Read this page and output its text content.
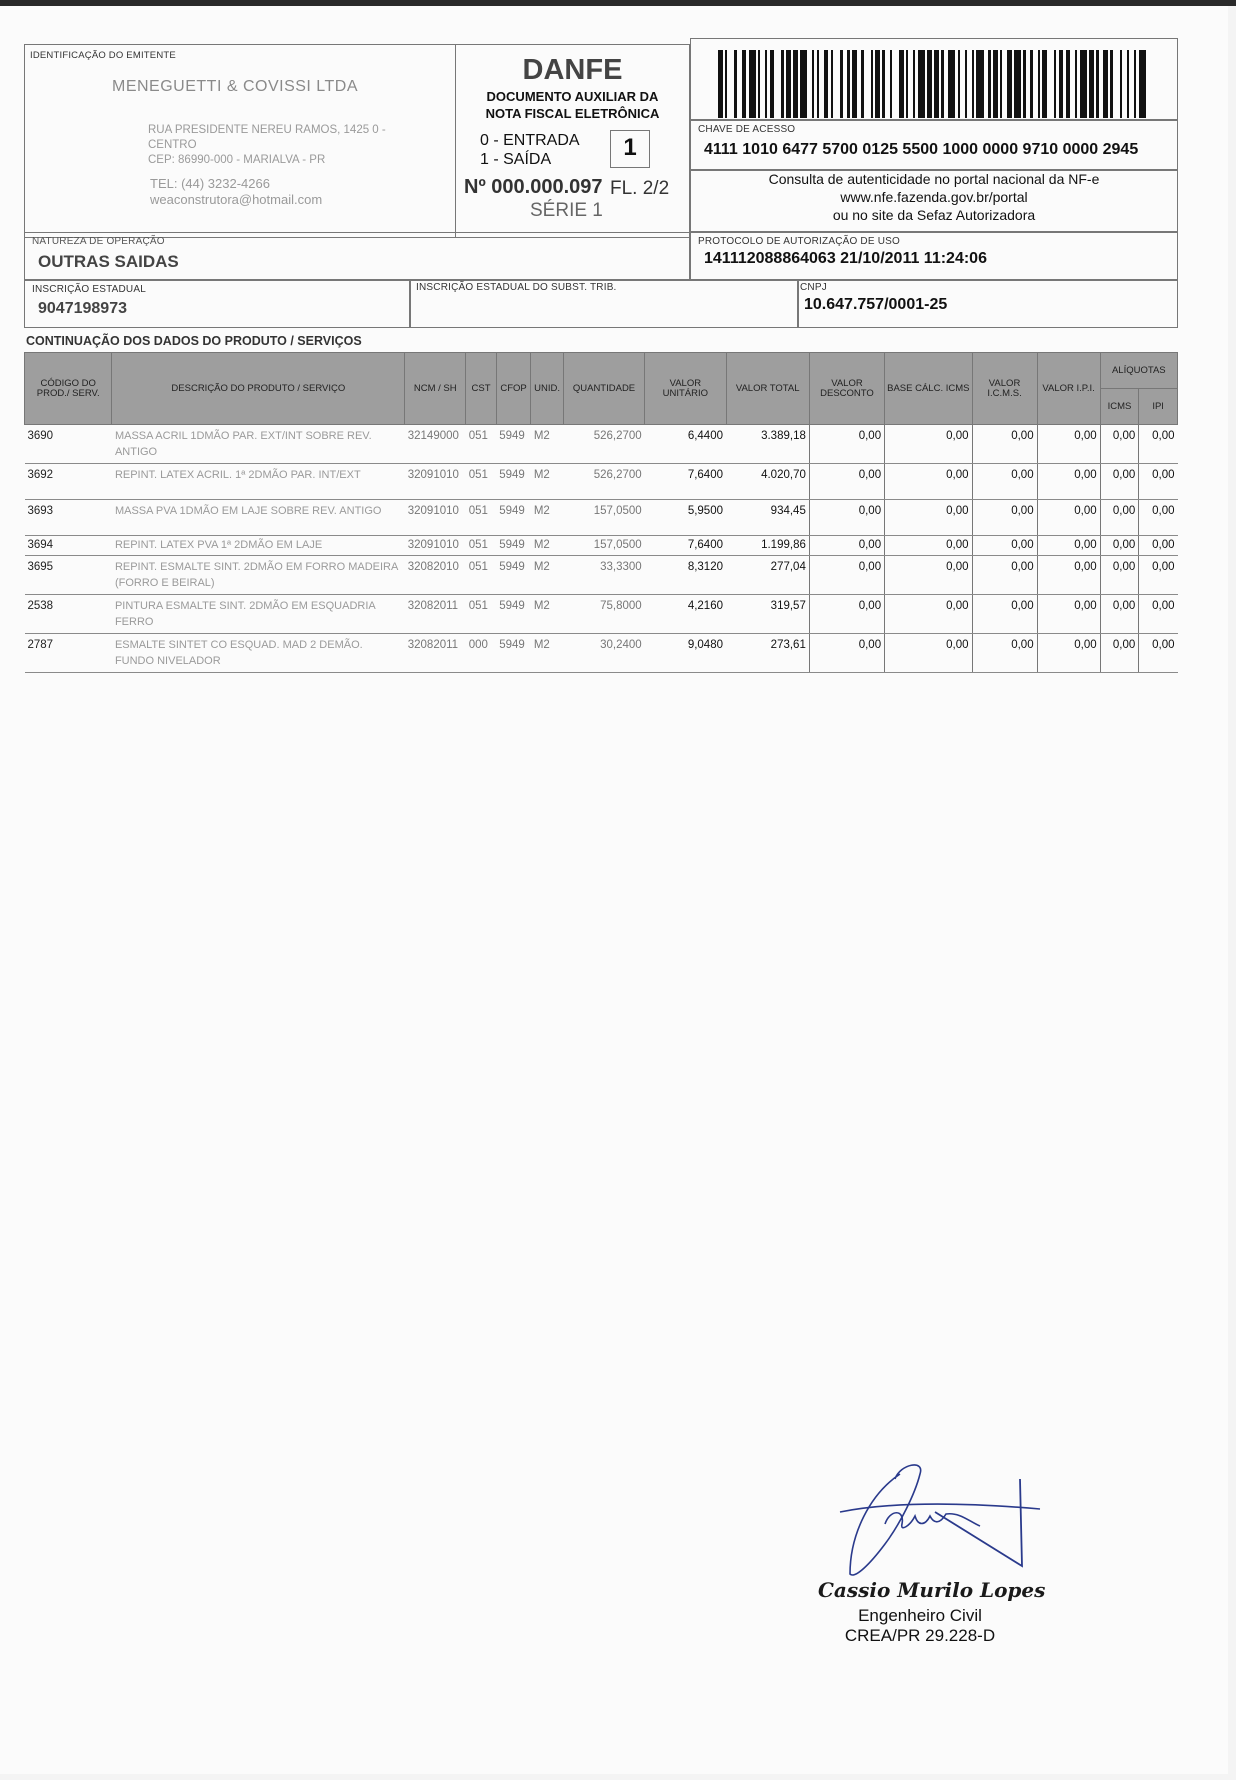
IDENTIFICAÇÃO DO EMITENTE
MENEGUETTI & COVISSI LTDA
RUA PRESIDENTE NEREU RAMOS, 1425 0 -
CENTRO
CEP: 86990-000 - MARIALVA - PR
TEL: (44) 3232-4266
weaconstrutora@hotmail.com
DANFE
DOCUMENTO AUXILIAR DA
NOTA FISCAL ELETRÔNICA
0 - ENTRADA
1 - SAÍDA	1
Nº 000.000.097 FL. 2/2
SÉRIE 1
CHAVE DE ACESSO
4111 1010 6477 5700 0125 5500 1000 0000 9710 0000 2945
Consulta de autenticidade no portal nacional da NF-e
www.nfe.fazenda.gov.br/portal
ou no site da Sefaz Autorizadora
NATUREZA DE OPERAÇÃO
OUTRAS SAIDAS
PROTOCOLO DE AUTORIZAÇÃO DE USO
141112088864063 21/10/2011 11:24:06
INSCRIÇÃO ESTADUAL
9047198973
INSCRIÇÃO ESTADUAL DO SUBST. TRIB.	CNPJ
10.647.757/0001-25
CONTINUAÇÃO DOS DADOS DO PRODUTO / SERVIÇOS
CÓDIGO DO PROD./ SERV.	DESCRIÇÃO DO PRODUTO / SERVIÇO	NCM / SH	CST	CFOP	UNID.	QUANTIDADE	VALOR UNITÁRIO	VALOR TOTAL	VALOR DESCONTO	BASE CÁLC. ICMS	VALOR I.C.M.S.	VALOR I.P.I.	ALÍQUOTAS	
													ICMS	IPI
3690	MASSA ACRIL 1DMÃO PAR. EXT/INT SOBRE REV. ANTIGO	32149000	051	5949	M2	526,2700	6,4400	3.389,18	0,00	0,00	0,00	0,00	0,00	0,00
3692	REPINT. LATEX ACRIL. 1ª 2DMÃO PAR. INT/EXT	32091010	051	5949	M2	526,2700	7,6400	4.020,70	0,00	0,00	0,00	0,00	0,00	0,00
3693	MASSA PVA 1DMÃO EM LAJE SOBRE REV. ANTIGO	32091010	051	5949	M2	157,0500	5,9500	934,45	0,00	0,00	0,00	0,00	0,00	0,00
3694	REPINT. LATEX PVA 1ª 2DMÃO EM LAJE	32091010	051	5949	M2	157,0500	7,6400	1.199,86	0,00	0,00	0,00	0,00	0,00	0,00
3695	REPINT. ESMALTE SINT. 2DMÃO EM FORRO MADEIRA (FORRO E BEIRAL)	32082010	051	5949	M2	33,3300	8,3120	277,04	0,00	0,00	0,00	0,00	0,00	0,00
2538	PINTURA ESMALTE SINT. 2DMÃO EM ESQUADRIA FERRO	32082011	051	5949	M2	75,8000	4,2160	319,57	0,00	0,00	0,00	0,00	0,00	0,00
2787	ESMALTE SINTET CO ESQUAD. MAD 2 DEMÃO. FUNDO NIVELADOR	32082011	000	5949	M2	30,2400	9,0480	273,61	0,00	0,00	0,00	0,00	0,00	0,00
Cassio Murilo Lopes
Engenheiro Civil
CREA/PR 29.228-D
